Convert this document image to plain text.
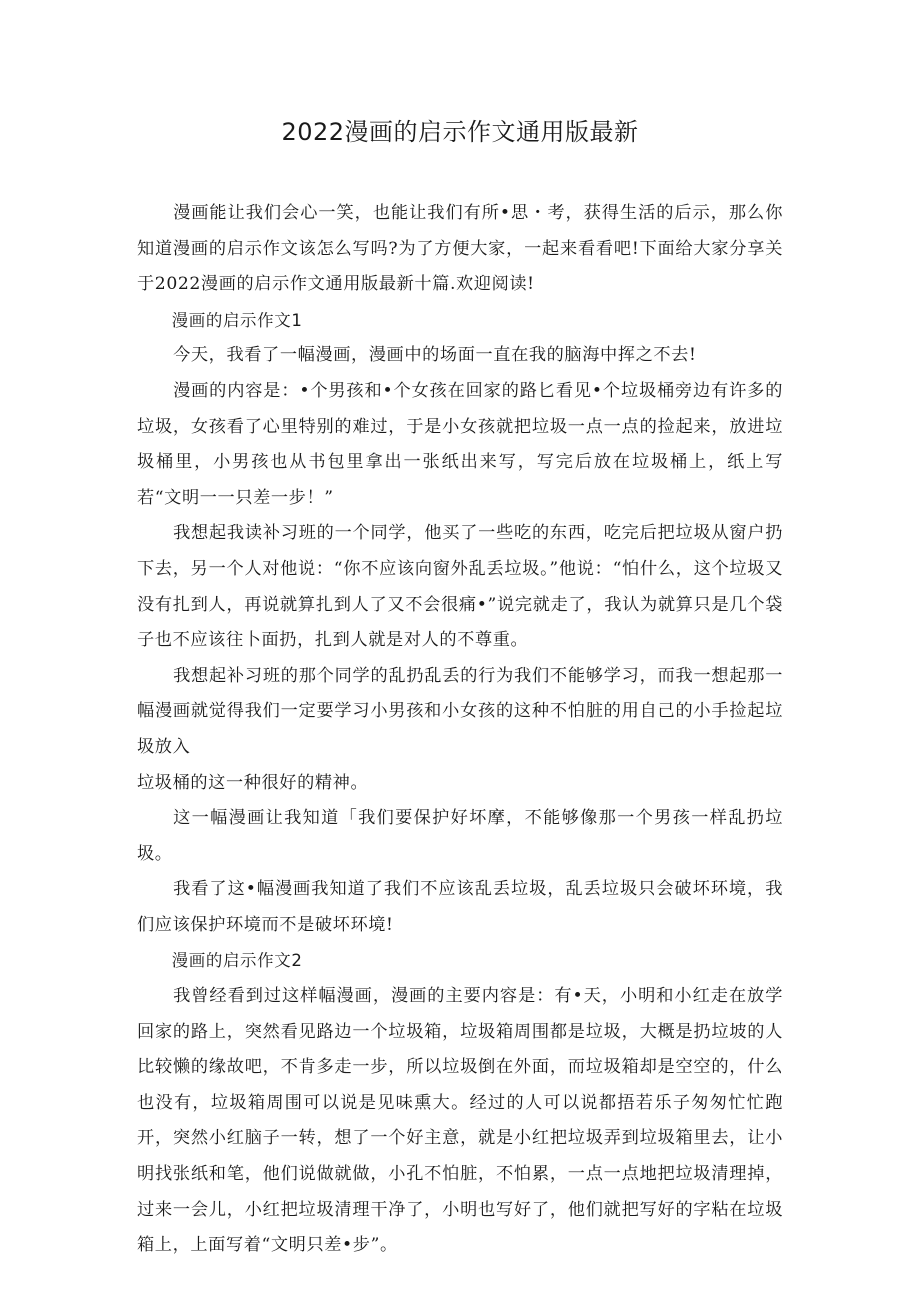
2022漫画的启示作文通用版最新

漫画能让我们会心一笑，也能让我们有所•思・考，获得生活的后示，那么你知道漫画的启示作文该怎么写吗?为了方便大家，一起来看看吧!下面给大家分享关于2022漫画的启示作文通用版最新十篇.欢迎阅读!

漫画的启示作文1

今天，我看了一幅漫画，漫画中的场面一直在我的脑海中挥之不去!

漫画的内容是：•个男孩和•个女孩在回家的路匕看见•个垃圾桶旁边有许多的垃圾，女孩看了心里特别的难过，于是小女孩就把垃圾一点一点的捡起来，放进垃圾桶里，小男孩也从书包里拿出一张纸出来写，写完后放在垃圾桶上，纸上写若“文明一一只差一步！”

我想起我读补习班的一个同学，他买了一些吃的东西，吃完后把垃圾从窗户扔下去，另一个人对他说：“你不应该向窗外乱丢垃圾。”他说：“怕什么，这个垃圾又没有扎到人，再说就算扎到人了又不会很痛•”说完就走了，我认为就算只是几个袋子也不应该往卜面扔，扎到人就是对人的不尊重。

我想起补习班的那个同学的乱扔乱丢的行为我们不能够学习，而我一想起那一幅漫画就觉得我们一定要学习小男孩和小女孩的这种不怕脏的用自己的小手捡起垃圾放入

垃圾桶的这一种很好的精神。

这一幅漫画让我知道「我们要保护好坏摩，不能够像那一个男孩一样乱扔垃圾。

我看了这•幅漫画我知道了我们不应该乱丢垃圾，乱丢垃圾只会破坏环境，我们应该保护环境而不是破坏环境!

漫画的启示作文2

我曾经看到过这样幅漫画，漫画的主要内容是：有•天，小明和小红走在放学回家的路上，突然看见路边一个垃圾箱，垃圾箱周围都是垃圾，大概是扔垃坡的人比较懒的缘故吧，不肯多走一步，所以垃圾倒在外面，而垃圾箱却是空空的，什么也没有，垃圾箱周围可以说是见味熏大。经过的人可以说都捂若乐子匆匆忙忙跑开，突然小红脑子一转，想了一个好主意，就是小红把垃圾弄到垃圾箱里去，让小明找张纸和笔，他们说做就做，小孔不怕脏，不怕累，一点一点地把垃圾清理掉，过来一会儿，小红把垃圾清理干净了，小明也写好了，他们就把写好的字粘在垃圾箱上，上面写着“文明只差•步”。
